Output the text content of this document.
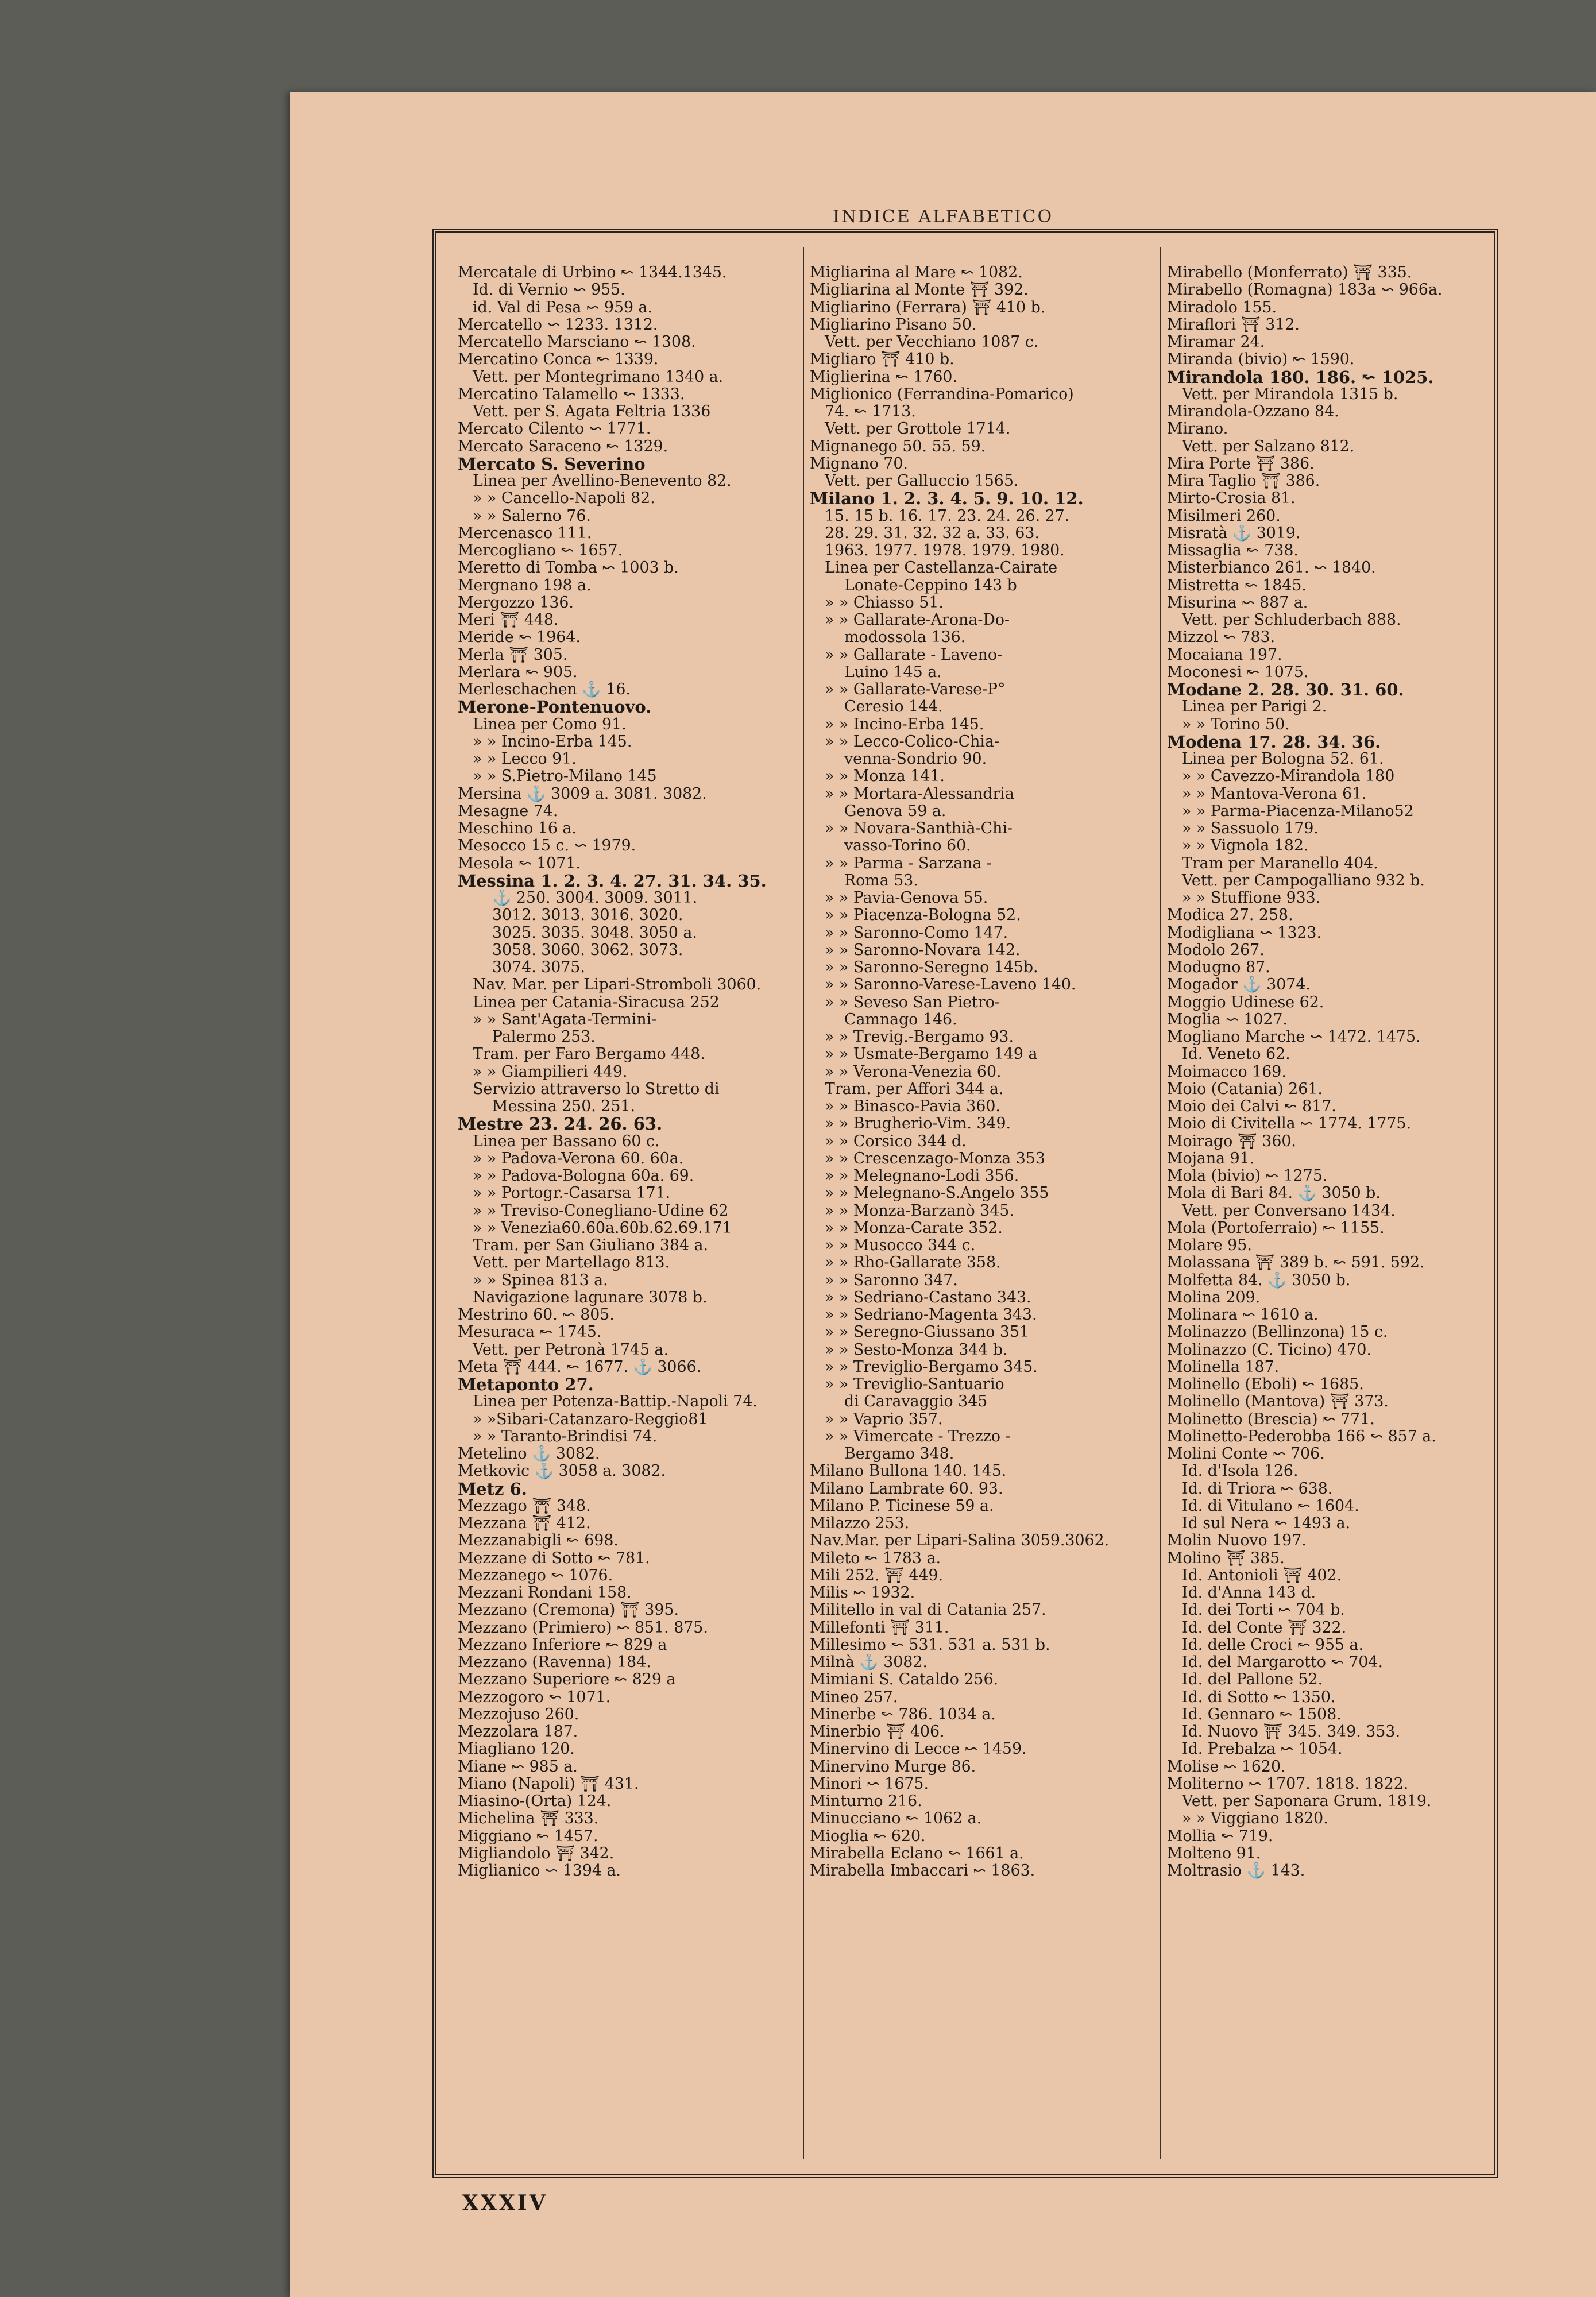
INDICE ALFABETICO
Mercatale di Urbino ↜ 1344.1345.
Id. di Vernio ↜ 955.
id. Val di Pesa ↜ 959 a.
Mercatello ↜ 1233. 1312.
Mercatello Marsciano ↜ 1308.
Mercatino Conca ↜ 1339.
Vett. per Montegrimano 1340 a.
Mercatino Talamello ↜ 1333.
Vett. per S. Agata Feltria 1336
Mercato Cilento ↜ 1771.
Mercato Saraceno ↜ 1329.
Mercato S. Severino
Linea per Avellino-Benevento 82.
» » Cancello-Napoli 82.
» » Salerno 76.
Mercenasco 111.
Mercogliano ↜ 1657.
Meretto di Tomba ↜ 1003 b.
Mergnano 198 a.
Mergozzo 136.
Meri ⛩ 448.
Meride ↜ 1964.
Merla ⛩ 305.
Merlara ↜ 905.
Merleschachen ⚓ 16.
Merone-Pontenuovo.
Linea per Como 91.
» » Incino-Erba 145.
» » Lecco 91.
» » S.Pietro-Milano 145
Mersina ⚓ 3009 a. 3081. 3082.
Mesagne 74.
Meschino 16 a.
Mesocco 15 c. ↜ 1979.
Mesola ↜ 1071.
Messina 1. 2. 3. 4. 27. 31. 34. 35.
⚓ 250. 3004. 3009. 3011.
3012. 3013. 3016. 3020.
3025. 3035. 3048. 3050 a.
3058. 3060. 3062. 3073.
3074. 3075.
Nav. Mar. per Lipari-Stromboli 3060.
Linea per Catania-Siracusa 252
» » Sant'Agata-Termini-
Palermo 253.
Tram. per Faro Bergamo 448.
» » Giampilieri 449.
Servizio attraverso lo Stretto di
Messina 250. 251.
Mestre 23. 24. 26. 63.
Linea per Bassano 60 c.
» » Padova-Verona 60. 60a.
» » Padova-Bologna 60a. 69.
» » Portogr.-Casarsa 171.
» » Treviso-Conegliano-Udine 62
» » Venezia60.60a.60b.62.69.171
Tram. per San Giuliano 384 a.
Vett. per Martellago 813.
» » Spinea 813 a.
Navigazione lagunare 3078 b.
Mestrino 60. ↜ 805.
Mesuraca ↜ 1745.
Vett. per Petronà 1745 a.
Meta ⛩ 444. ↜ 1677. ⚓ 3066.
Metaponto 27.
Linea per Potenza-Battip.-Napoli 74.
» »Sibari-Catanzaro-Reggio81
» » Taranto-Brindisi 74.
Metelino ⚓ 3082.
Metkovic ⚓ 3058 a. 3082.
Metz 6.
Mezzago ⛩ 348.
Mezzana ⛩ 412.
Mezzanabigli ↜ 698.
Mezzane di Sotto ↜ 781.
Mezzanego ↜ 1076.
Mezzani Rondani 158.
Mezzano (Cremona) ⛩ 395.
Mezzano (Primiero) ↜ 851. 875.
Mezzano Inferiore ↜ 829 a
Mezzano (Ravenna) 184.
Mezzano Superiore ↜ 829 a
Mezzogoro ↜ 1071.
Mezzojuso 260.
Mezzolara 187.
Miagliano 120.
Miane ↜ 985 a.
Miano (Napoli) ⛩ 431.
Miasino-(Orta) 124.
Michelina ⛩ 333.
Miggiano ↜ 1457.
Migliandolo ⛩ 342.
Miglianico ↜ 1394 a.
Migliarina al Mare ↜ 1082.
Migliarina al Monte ⛩ 392.
Migliarino (Ferrara) ⛩ 410 b.
Migliarino Pisano 50.
Vett. per Vecchiano 1087 c.
Migliaro ⛩ 410 b.
Miglierina ↜ 1760.
Miglionico (Ferrandina-Pomarico)
74. ↜ 1713.
Vett. per Grottole 1714.
Mignanego 50. 55. 59.
Mignano 70.
Vett. per Galluccio 1565.
Milano 1. 2. 3. 4. 5. 9. 10. 12.
15. 15 b. 16. 17. 23. 24. 26. 27.
28. 29. 31. 32. 32 a. 33. 63.
1963. 1977. 1978. 1979. 1980.
Linea per Castellanza-Cairate
Lonate-Ceppino 143 b
» » Chiasso 51.
» » Gallarate-Arona-Do-
modossola 136.
» » Gallarate - Laveno-
Luino 145 a.
» » Gallarate-Varese-P°
Ceresio 144.
» » Incino-Erba 145.
» » Lecco-Colico-Chia-
venna-Sondrio 90.
» » Monza 141.
» » Mortara-Alessandria
Genova 59 a.
» » Novara-Santhià-Chi-
vasso-Torino 60.
» » Parma - Sarzana -
Roma 53.
» » Pavia-Genova 55.
» » Piacenza-Bologna 52.
» » Saronno-Como 147.
» » Saronno-Novara 142.
» » Saronno-Seregno 145b.
» » Saronno-Varese-Laveno 140.
» » Seveso San Pietro-
Camnago 146.
» » Trevig.-Bergamo 93.
» » Usmate-Bergamo 149 a
» » Verona-Venezia 60.
Tram. per Affori 344 a.
» » Binasco-Pavia 360.
» » Brugherio-Vim. 349.
» » Corsico 344 d.
» » Crescenzago-Monza 353
» » Melegnano-Lodi 356.
» » Melegnano-S.Angelo 355
» » Monza-Barzanò 345.
» » Monza-Carate 352.
» » Musocco 344 c.
» » Rho-Gallarate 358.
» » Saronno 347.
» » Sedriano-Castano 343.
» » Sedriano-Magenta 343.
» » Seregno-Giussano 351
» » Sesto-Monza 344 b.
» » Treviglio-Bergamo 345.
» » Treviglio-Santuario
di Caravaggio 345
» » Vaprio 357.
» » Vimercate - Trezzo -
Bergamo 348.
Milano Bullona 140. 145.
Milano Lambrate 60. 93.
Milano P. Ticinese 59 a.
Milazzo 253.
Nav.Mar. per Lipari-Salina 3059.3062.
Mileto ↜ 1783 a.
Mili 252. ⛩ 449.
Milis ↜ 1932.
Militello in val di Catania 257.
Millefonti ⛩ 311.
Millesimo ↜ 531. 531 a. 531 b.
Milnà ⚓ 3082.
Mimiani S. Cataldo 256.
Mineo 257.
Minerbe ↜ 786. 1034 a.
Minerbio ⛩ 406.
Minervino di Lecce ↜ 1459.
Minervino Murge 86.
Minori ↜ 1675.
Minturno 216.
Minucciano ↜ 1062 a.
Mioglia ↜ 620.
Mirabella Eclano ↜ 1661 a.
Mirabella Imbaccari ↜ 1863.
Mirabello (Monferrato) ⛩ 335.
Mirabello (Romagna) 183a ↜ 966a.
Miradolo 155.
Miraflori ⛩ 312.
Miramar 24.
Miranda (bivio) ↜ 1590.
Mirandola 180. 186. ↜ 1025.
Vett. per Mirandola 1315 b.
Mirandola-Ozzano 84.
Mirano.
Vett. per Salzano 812.
Mira Porte ⛩ 386.
Mira Taglio ⛩ 386.
Mirto-Crosia 81.
Misilmeri 260.
Misratà ⚓ 3019.
Missaglia ↜ 738.
Misterbianco 261. ↜ 1840.
Mistretta ↜ 1845.
Misurina ↜ 887 a.
Vett. per Schluderbach 888.
Mizzol ↜ 783.
Mocaiana 197.
Moconesi ↜ 1075.
Modane 2. 28. 30. 31. 60.
Linea per Parigi 2.
» » Torino 50.
Modena 17. 28. 34. 36.
Linea per Bologna 52. 61.
» » Cavezzo-Mirandola 180
» » Mantova-Verona 61.
» » Parma-Piacenza-Milano52
» » Sassuolo 179.
» » Vignola 182.
Tram per Maranello 404.
Vett. per Campogalliano 932 b.
» » Stuffione 933.
Modica 27. 258.
Modigliana ↜ 1323.
Modolo 267.
Modugno 87.
Mogador ⚓ 3074.
Moggio Udinese 62.
Moglia ↜ 1027.
Mogliano Marche ↜ 1472. 1475.
Id. Veneto 62.
Moimacco 169.
Moio (Catania) 261.
Moio dei Calvi ↜ 817.
Moio di Civitella ↜ 1774. 1775.
Moirago ⛩ 360.
Mojana 91.
Mola (bivio) ↜ 1275.
Mola di Bari 84. ⚓ 3050 b.
Vett. per Conversano 1434.
Mola (Portoferraio) ↜ 1155.
Molare 95.
Molassana ⛩ 389 b. ↜ 591. 592.
Molfetta 84. ⚓ 3050 b.
Molina 209.
Molinara ↜ 1610 a.
Molinazzo (Bellinzona) 15 c.
Molinazzo (C. Ticino) 470.
Molinella 187.
Molinello (Eboli) ↜ 1685.
Molinello (Mantova) ⛩ 373.
Molinetto (Brescia) ↜ 771.
Molinetto-Pederobba 166 ↜ 857 a.
Molini Conte ↜ 706.
Id. d'Isola 126.
Id. di Triora ↜ 638.
Id. di Vitulano ↜ 1604.
Id sul Nera ↜ 1493 a.
Molin Nuovo 197.
Molino ⛩ 385.
Id. Antonioli ⛩ 402.
Id. d'Anna 143 d.
Id. dei Torti ↜ 704 b.
Id. del Conte ⛩ 322.
Id. delle Croci ↜ 955 a.
Id. del Margarotto ↜ 704.
Id. del Pallone 52.
Id. di Sotto ↜ 1350.
Id. Gennaro ↜ 1508.
Id. Nuovo ⛩ 345. 349. 353.
Id. Prebalza ↜ 1054.
Molise ↜ 1620.
Moliterno ↜ 1707. 1818. 1822.
Vett. per Saponara Grum. 1819.
» » Viggiano 1820.
Mollia ↜ 719.
Molteno 91.
Moltrasio ⚓ 143.
XXXIV
